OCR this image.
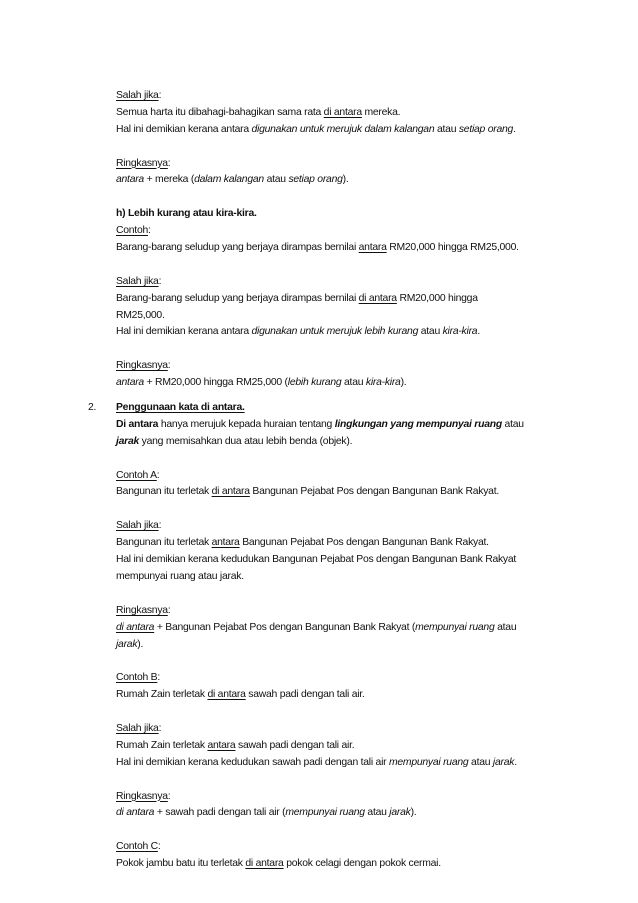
Salah jika:
Semua harta itu dibahagi-bahagikan sama rata di antara mereka.
Hal ini demikian kerana antara digunakan untuk merujuk dalam kalangan atau setiap orang.
Ringkasnya:
antara + mereka (dalam kalangan atau setiap orang).
h) Lebih kurang atau kira-kira.
Contoh:
Barang-barang seludup yang berjaya dirampas bernilai antara RM20,000 hingga RM25,000.
Salah jika:
Barang-barang seludup yang berjaya dirampas bernilai di antara RM20,000 hingga
RM25,000.
Hal ini demikian kerana antara digunakan untuk merujuk lebih kurang atau kira-kira.
Ringkasnya:
antara + RM20,000 hingga RM25,000 (lebih kurang atau kira-kira).
2. Penggunaan kata di antara.
Di antara hanya merujuk kepada huraian tentang lingkungan yang mempunyai ruang atau
jarak yang memisahkan dua atau lebih benda (objek).
Contoh A:
Bangunan itu terletak di antara Bangunan Pejabat Pos dengan Bangunan Bank Rakyat.
Salah jika:
Bangunan itu terletak antara Bangunan Pejabat Pos dengan Bangunan Bank Rakyat.
Hal ini demikian kerana kedudukan Bangunan Pejabat Pos dengan Bangunan Bank Rakyat
mempunyai ruang atau jarak.
Ringkasnya:
di antara + Bangunan Pejabat Pos dengan Bangunan Bank Rakyat (mempunyai ruang atau
jarak).
Contoh B:
Rumah Zain terletak di antara sawah padi dengan tali air.
Salah jika:
Rumah Zain terletak antara sawah padi dengan tali air.
Hal ini demikian kerana kedudukan sawah padi dengan tali air mempunyai ruang atau jarak.
Ringkasnya:
di antara + sawah padi dengan tali air (mempunyai ruang atau jarak).
Contoh C:
Pokok jambu batu itu terletak di antara pokok celagi dengan pokok cermai.
